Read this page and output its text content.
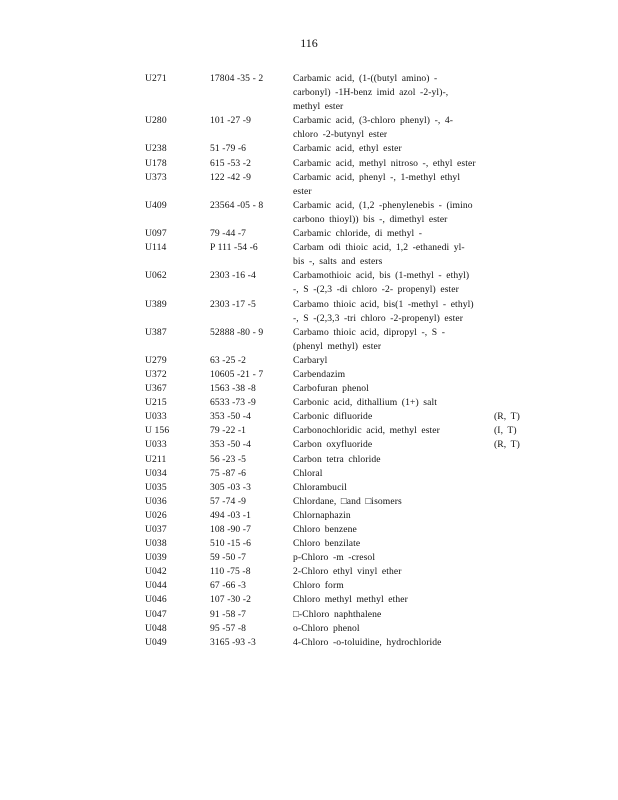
116
U271	17804 -35 - 2	Carbamic acid, (1-((butyl amino) - carbonyl) -1H-benz imid azol -2-yl)-, methyl ester
U280	101 -27 -9	Carbamic acid, (3-chloro phenyl) -, 4- chloro -2-butynyl ester
U238	51 -79 -6	Carbamic acid, ethyl ester
U178	615 -53 -2	Carbamic acid, methyl nitroso -, ethyl ester
U373	122 -42 -9	Carbamic acid, phenyl -, 1-methyl ethyl ester
U409	23564 -05 - 8	Carbamic acid, (1,2 -phenylenebis - (imino carbono thioyl)) bis -, dimethyl ester
U097	79 -44 -7	Carbamic chloride, di methyl -
U114	P 111 -54 -6	Carbam odi thioic acid, 1,2 -ethanedi yl- bis -, salts and esters
U062	2303 -16 -4	Carbamothioic acid, bis (1-methyl - ethyl) -, S -(2,3 -di chloro -2- propenyl) ester
U389	2303 -17 -5	Carbamo thioic acid, bis(1 -methyl - ethyl) -, S -(2,3,3 -tri chloro -2-propenyl) ester
U387	52888 -80 - 9	Carbamo thioic acid, dipropyl -, S - (phenyl methyl) ester
U279	63 -25 -2	Carbaryl
U372	10605 -21 - 7	Carbendazim
U367	1563 -38 -8	Carbofuran phenol
U215	6533 -73 -9	Carbonic acid, dithallium (1+) salt
U033	353 -50 -4	Carbonic difluoride	(R, T)
U 156	79 -22 -1	Carbonochloridic acid, methyl ester	(I, T)
U033	353 -50 -4	Carbon oxyfluoride	(R, T)
U211	56 -23 -5	Carbon tetra chloride
U034	75 -87 -6	Chloral
U035	305 -03 -3	Chlorambucil
U036	57 -74 -9	Chlordane, □and □isomers
U026	494 -03 -1	Chlornaphazin
U037	108 -90 -7	Chloro benzene
U038	510 -15 -6	Chloro benzilate
U039	59 -50 -7	p-Chloro -m -cresol
U042	110 -75 -8	2-Chloro ethyl vinyl ether
U044	67 -66 -3	Chloro form
U046	107 -30 -2	Chloro methyl methyl ether
U047	91 -58 -7	□-Chloro naphthalene
U048	95 -57 -8	o-Chloro phenol
U049	3165 -93 -3	4-Chloro -o-toluidine, hydrochloride
